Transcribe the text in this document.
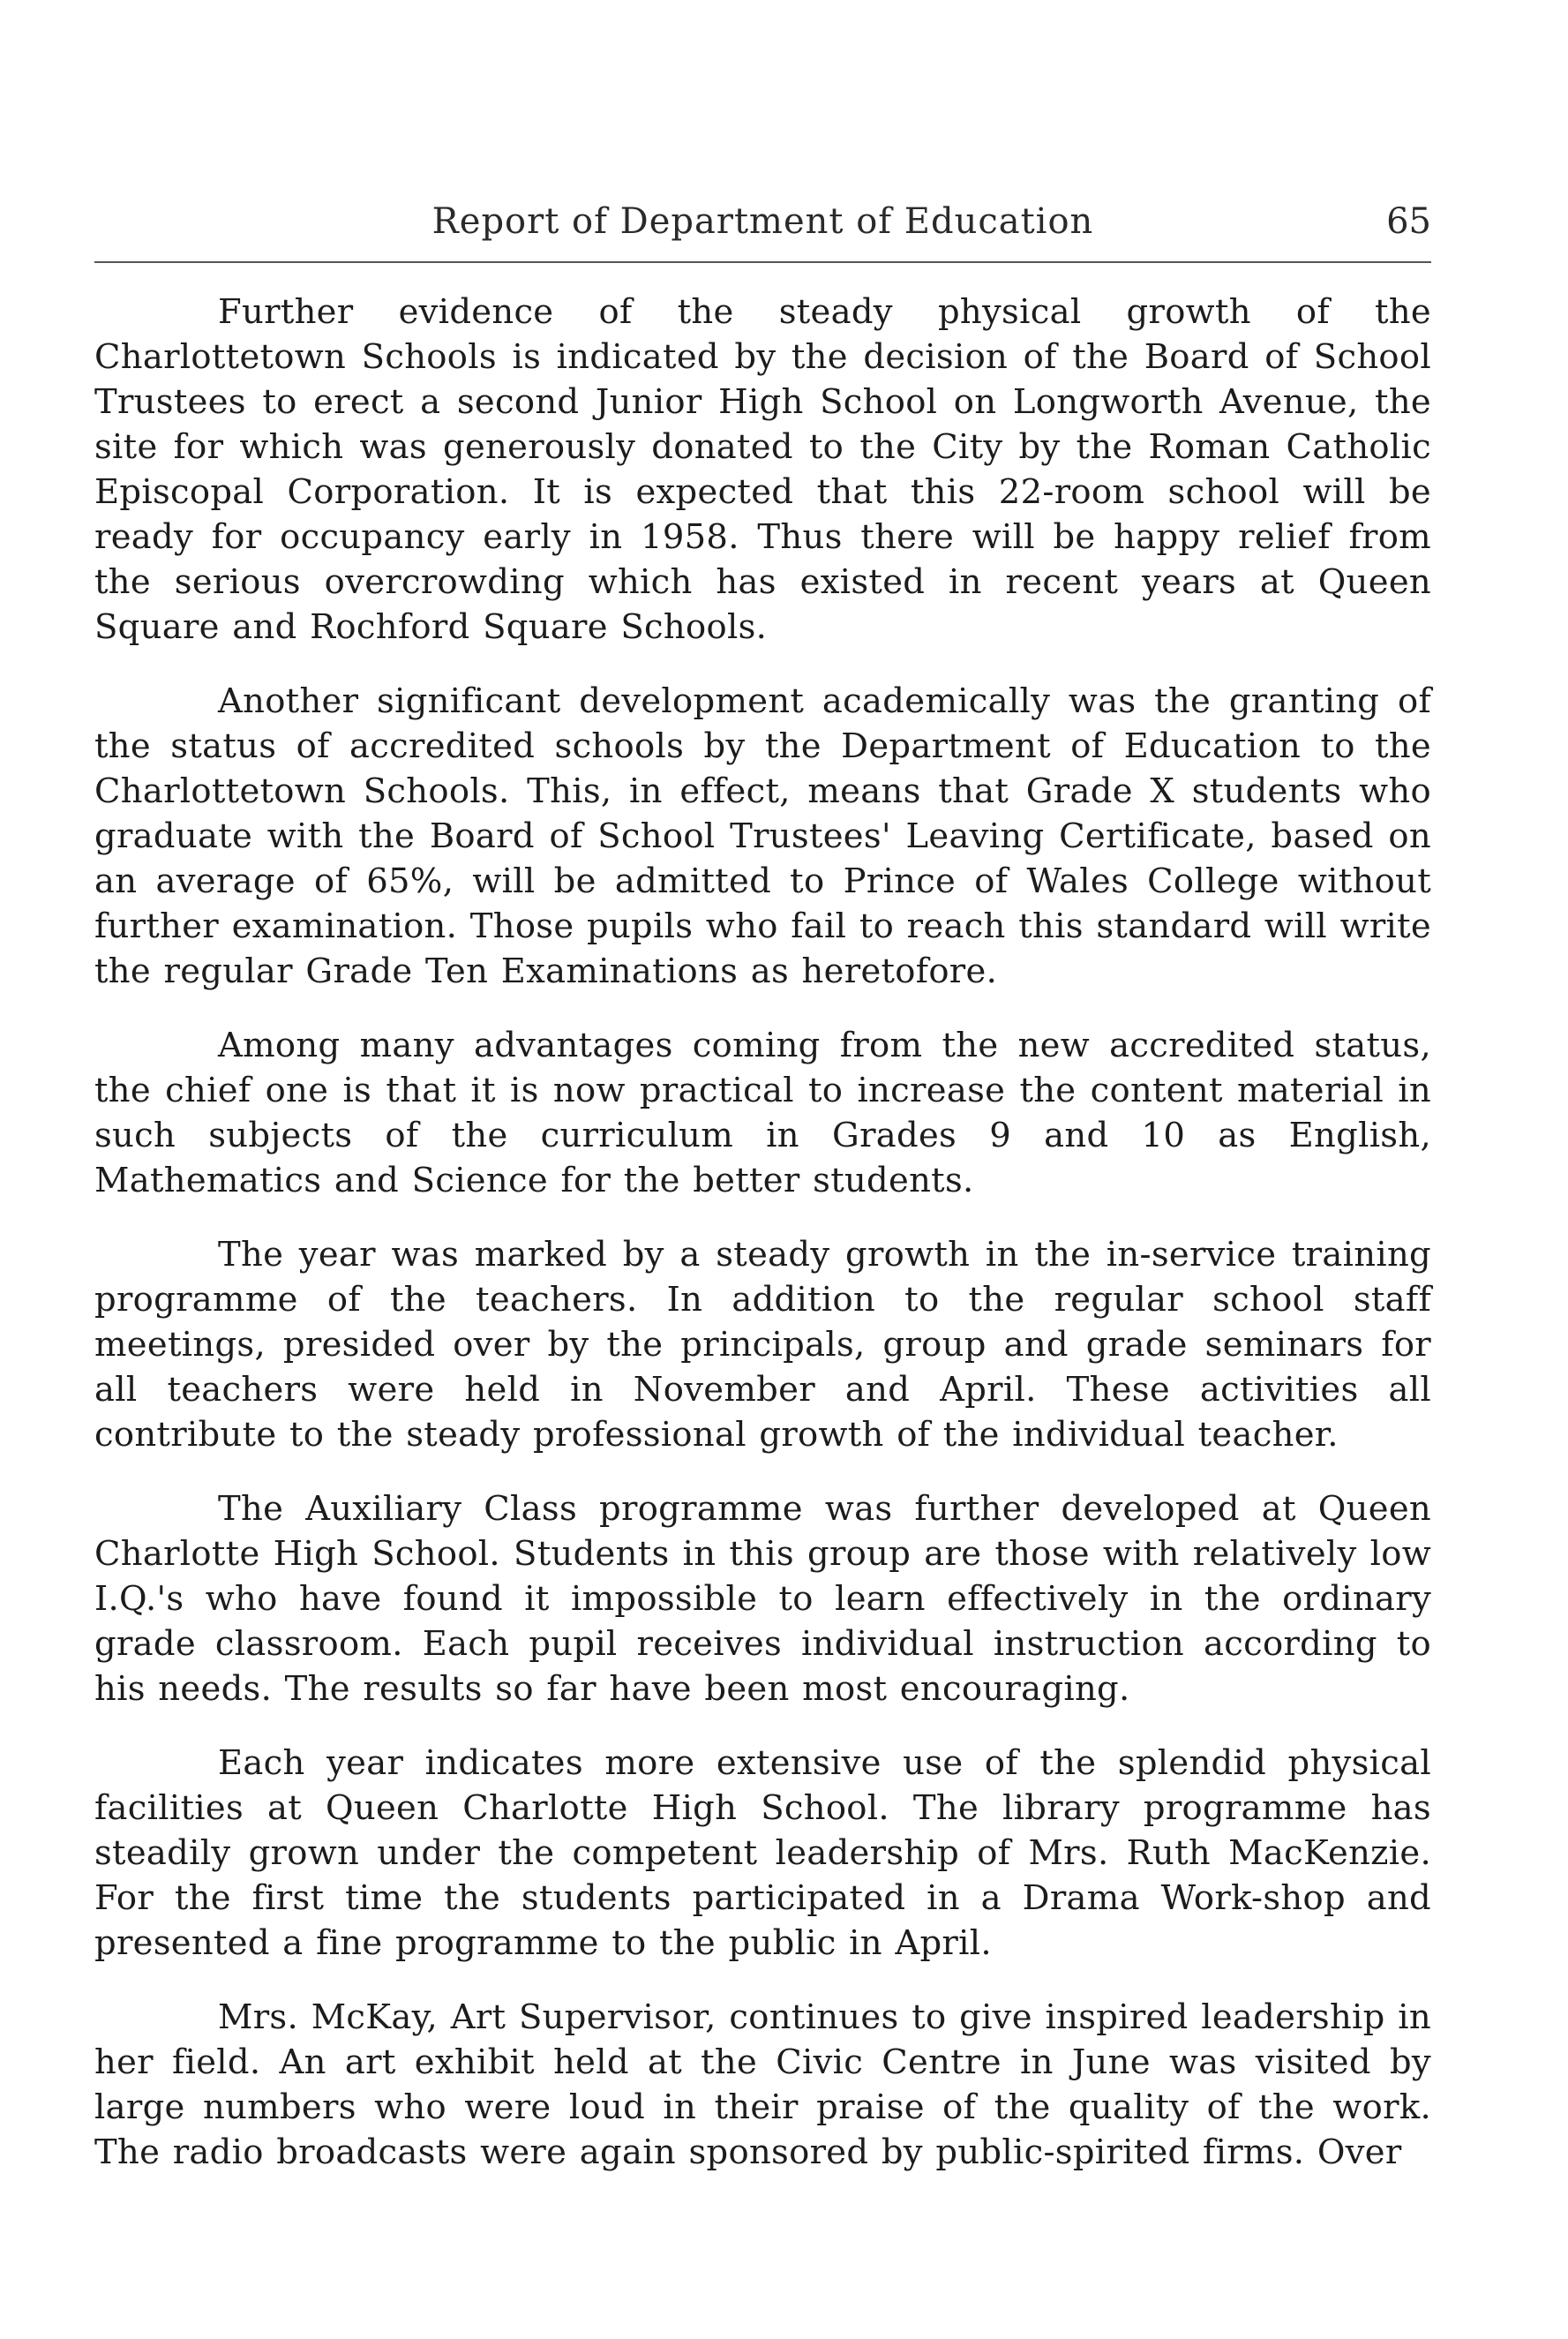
Report of Department of Education	65

Further evidence of the steady physical growth of the Charlottetown Schools is indicated by the decision of the Board of School Trustees to erect a second Junior High School on Longworth Avenue, the site for which was generously donated to the City by the Roman Catholic Episcopal Corporation. It is expected that this 22-room school will be ready for occupancy early in 1958. Thus there will be happy relief from the serious overcrowding which has existed in recent years at Queen Square and Rochford Square Schools.

Another significant development academically was the granting of the status of accredited schools by the Department of Education to the Charlottetown Schools. This, in effect, means that Grade X students who graduate with the Board of School Trustees' Leaving Certificate, based on an average of 65%, will be admitted to Prince of Wales College without further examination. Those pupils who fail to reach this standard will write the regular Grade Ten Examinations as heretofore.

Among many advantages coming from the new accredited status, the chief one is that it is now practical to increase the content material in such subjects of the curriculum in Grades 9 and 10 as English, Mathematics and Science for the better students.

The year was marked by a steady growth in the in-service training programme of the teachers. In addition to the regular school staff meetings, presided over by the principals, group and grade seminars for all teachers were held in November and April. These activities all contribute to the steady professional growth of the individual teacher.

The Auxiliary Class programme was further developed at Queen Charlotte High School. Students in this group are those with relatively low I.Q.'s who have found it impossible to learn effectively in the ordinary grade classroom. Each pupil receives individual instruction according to his needs. The results so far have been most encouraging.

Each year indicates more extensive use of the splendid physical facilities at Queen Charlotte High School. The library programme has steadily grown under the competent leadership of Mrs. Ruth MacKenzie. For the first time the students participated in a Drama Work-shop and presented a fine programme to the public in April.

Mrs. McKay, Art Supervisor, continues to give inspired leadership in her field. An art exhibit held at the Civic Centre in June was visited by large numbers who were loud in their praise of the quality of the work. The radio broadcasts were again sponsored by public-spirited firms. Over
